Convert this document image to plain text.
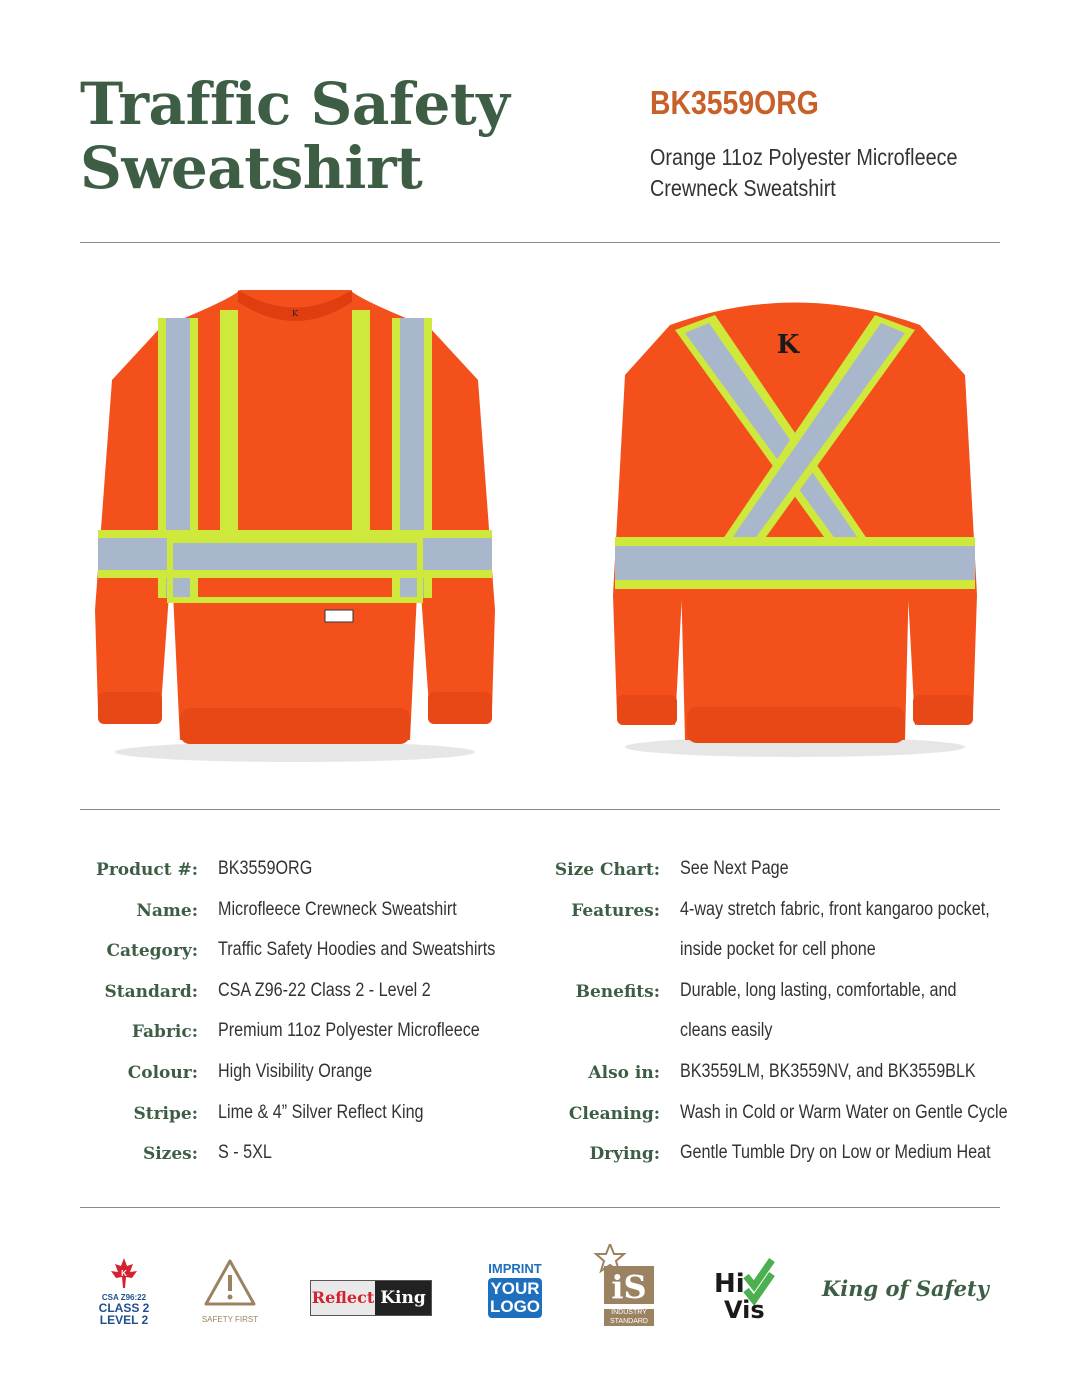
Traffic Safety
Sweatshirt
BK3559ORG
Orange 11oz Polyester Microfleece
Crewneck Sweatshirt
K
K
Product #: BK3559ORG
Name: Microfleece Crewneck Sweatshirt
Category: Traffic Safety Hoodies and Sweatshirts
Standard: CSA Z96-22 Class 2 - Level 2
Fabric: Premium 11oz Polyester Microfleece
Colour: High Visibility Orange
Stripe: Lime & 4” Silver Reflect King
Sizes: S - 5XL
Size Chart: See Next Page
Features: 4-way stretch fabric, front kangaroo pocket,
inside pocket for cell phone
Benefits: Durable, long lasting, comfortable, and
cleans easily
Also in: BK3559LM, BK3559NV, and BK3559BLK
Cleaning: Wash in Cold or Warm Water on Gentle Cycle
Drying: Gentle Tumble Dry on Low or Medium Heat
K
CSA Z96:22
CLASS 2
LEVEL 2	SAFETY FIRST
Reflect King
IMPRINT
YOUR
LOGO
iS
INDUSTRY
STANDARD
Hi
Vis
King of Safety
